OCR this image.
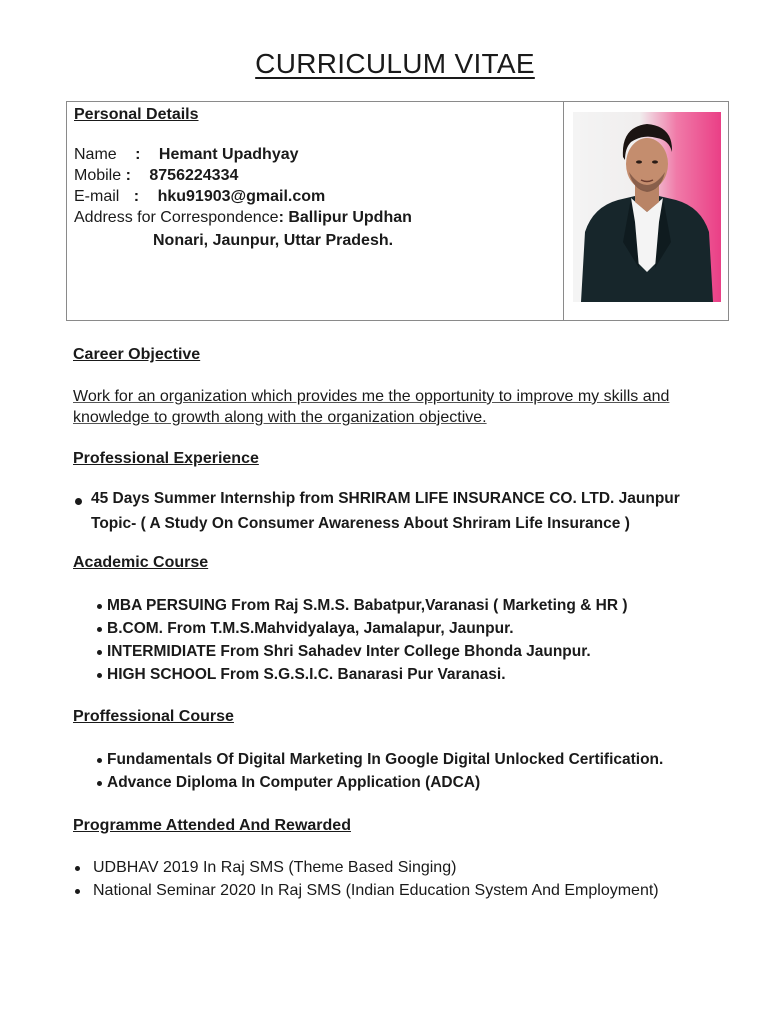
CURRICULUM VITAE
Personal Details
Name : Hemant Upadhyay
Mobile : 8756224334
E-mail : hku91903@gmail.com
Address for Correspondence: Ballipur Updhan
Nonari, Jaunpur, Uttar Pradesh.
Career Objective
Work for an organization which provides me the opportunity to improve my skills and knowledge to growth along with the organization objective.
Professional Experience
45 Days Summer Internship from SHRIRAM LIFE INSURANCE CO. LTD. Jaunpur
Topic- ( A Study On Consumer Awareness About Shriram Life Insurance )
Academic Course
MBA PERSUING From Raj S.M.S. Babatpur,Varanasi ( Marketing & HR )
B.COM. From T.M.S.Mahvidyalaya, Jamalapur, Jaunpur.
INTERMIDIATE From Shri Sahadev Inter College Bhonda Jaunpur.
HIGH SCHOOL From S.G.S.I.C. Banarasi Pur Varanasi.
Proffessional Course
Fundamentals Of Digital Marketing In Google Digital Unlocked Certification.
Advance Diploma In Computer Application (ADCA)
Programme Attended And Rewarded
UDBHAV 2019 In Raj SMS (Theme Based Singing)
National Seminar 2020 In Raj SMS (Indian Education System And Employment)
